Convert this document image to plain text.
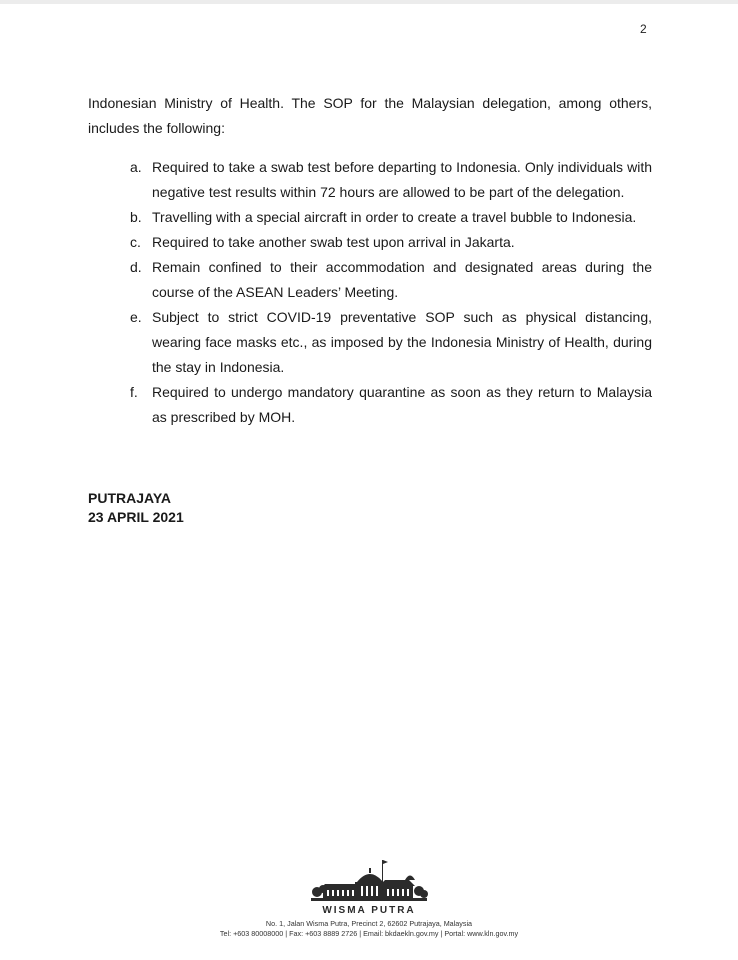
2

Indonesian Ministry of Health. The SOP for the Malaysian delegation, among others,
includes the following:

a. Required to take a swab test before departing to Indonesia. Only individuals with negative test results within 72 hours are allowed to be part of the delegation.
b. Travelling with a special aircraft in order to create a travel bubble to Indonesia.
c. Required to take another swab test upon arrival in Jakarta.
d. Remain confined to their accommodation and designated areas during the course of the ASEAN Leaders’ Meeting.
e. Subject to strict COVID-19 preventative SOP such as physical distancing, wearing face masks etc., as imposed by the Indonesia Ministry of Health, during the stay in Indonesia.
f. Required to undergo mandatory quarantine as soon as they return to Malaysia as prescribed by MOH.
PUTRAJAYA
23 APRIL 2021
WISMA PUTRA
No. 1, Jalan Wisma Putra, Precinct 2, 62602 Putrajaya, Malaysia
Tel: +603 80008000 | Fax: +603 8889 2726 | Email: bkdaekln.gov.my | Portal: www.kln.gov.my
